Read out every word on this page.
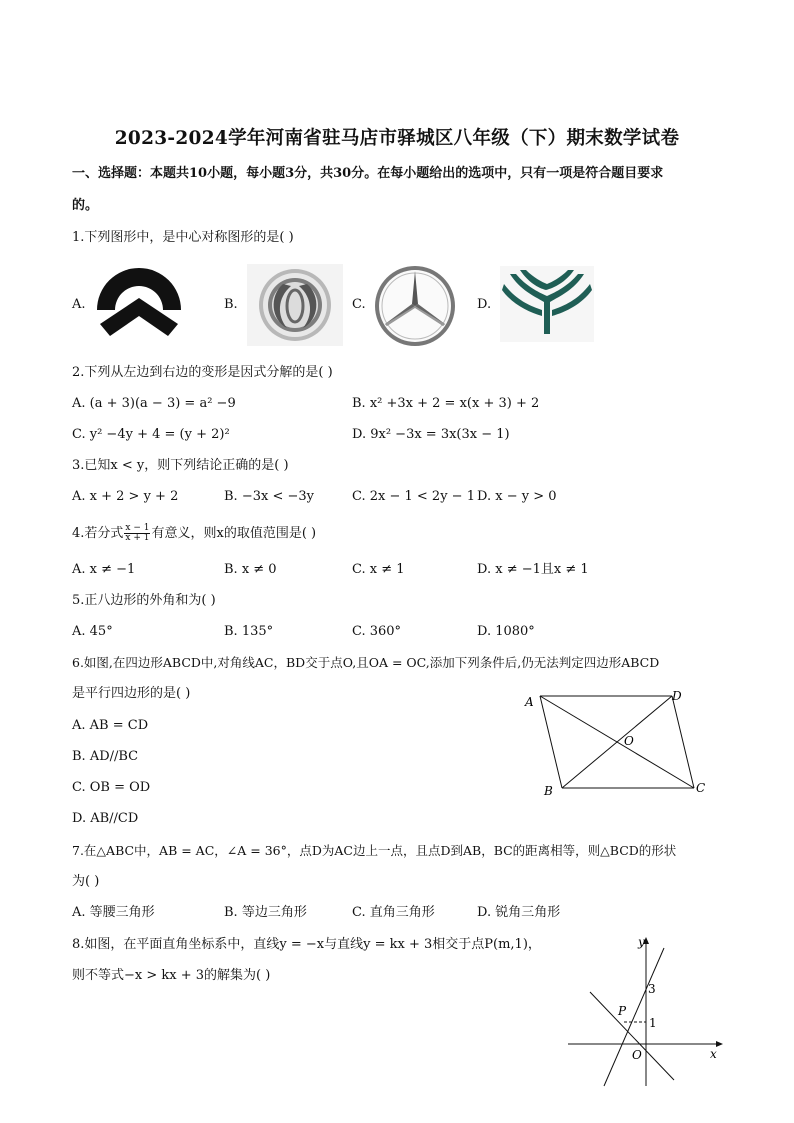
2023-2024学年河南省驻马店市驿城区八年级（下）期末数学试卷
一、选择题：本题共10小题，每小题3分，共30分。在每小题给出的选项中，只有一项是符合题目要求
的。
1.下列图形中，是中心对称图形的是( )
A.	B.	C.	D.
2.下列从左边到右边的变形是因式分解的是( )
A. (a + 3)(a − 3) = a² −9	B. x² +3x + 2 = x(x + 3) + 2
C. y² −4y + 4 = (y + 2)²	D. 9x² −3x = 3x(3x − 1)
3.已知x < y，则下列结论正确的是( )
A. x + 2 > y + 2	B. −3x < −3y	C. 2x − 1 < 2y − 1 D. x − y > 0
4.若分式 $\frac{x - 1}{x + 1}$ 有意义，则x的取值范围是( )
A. x ≠ −1	B. x ≠ 0	C. x ≠ 1	D. x ≠ −1且x ≠ 1
5.正八边形的外角和为( )
A. 45°	B. 135°	C. 360°	D. 1080°
6.如图,在四边形ABCD中,对角线AC，BD交于点O,且OA = OC,添加下列条件后,仍无法判定四边形ABCD
是平行四边形的是( )
A. AB = CD
B. AD//BC
C. OB = OD
D. AB//CD
A	D
B	C
O
7.在△ABC中，AB = AC，∠A = 36°，点D为AC边上一点，且点D到AB，BC的距离相等，则△BCD的形状
为( )
A. 等腰三角形	B. 等边三角形	C. 直角三角形	D. 锐角三角形
8.如图，在平面直角坐标系中，直线y = −x与直线y = kx + 3相交于点P(m,1)，
则不等式−x > kx + 3的解集为( )
y
x
3
1
P
O
